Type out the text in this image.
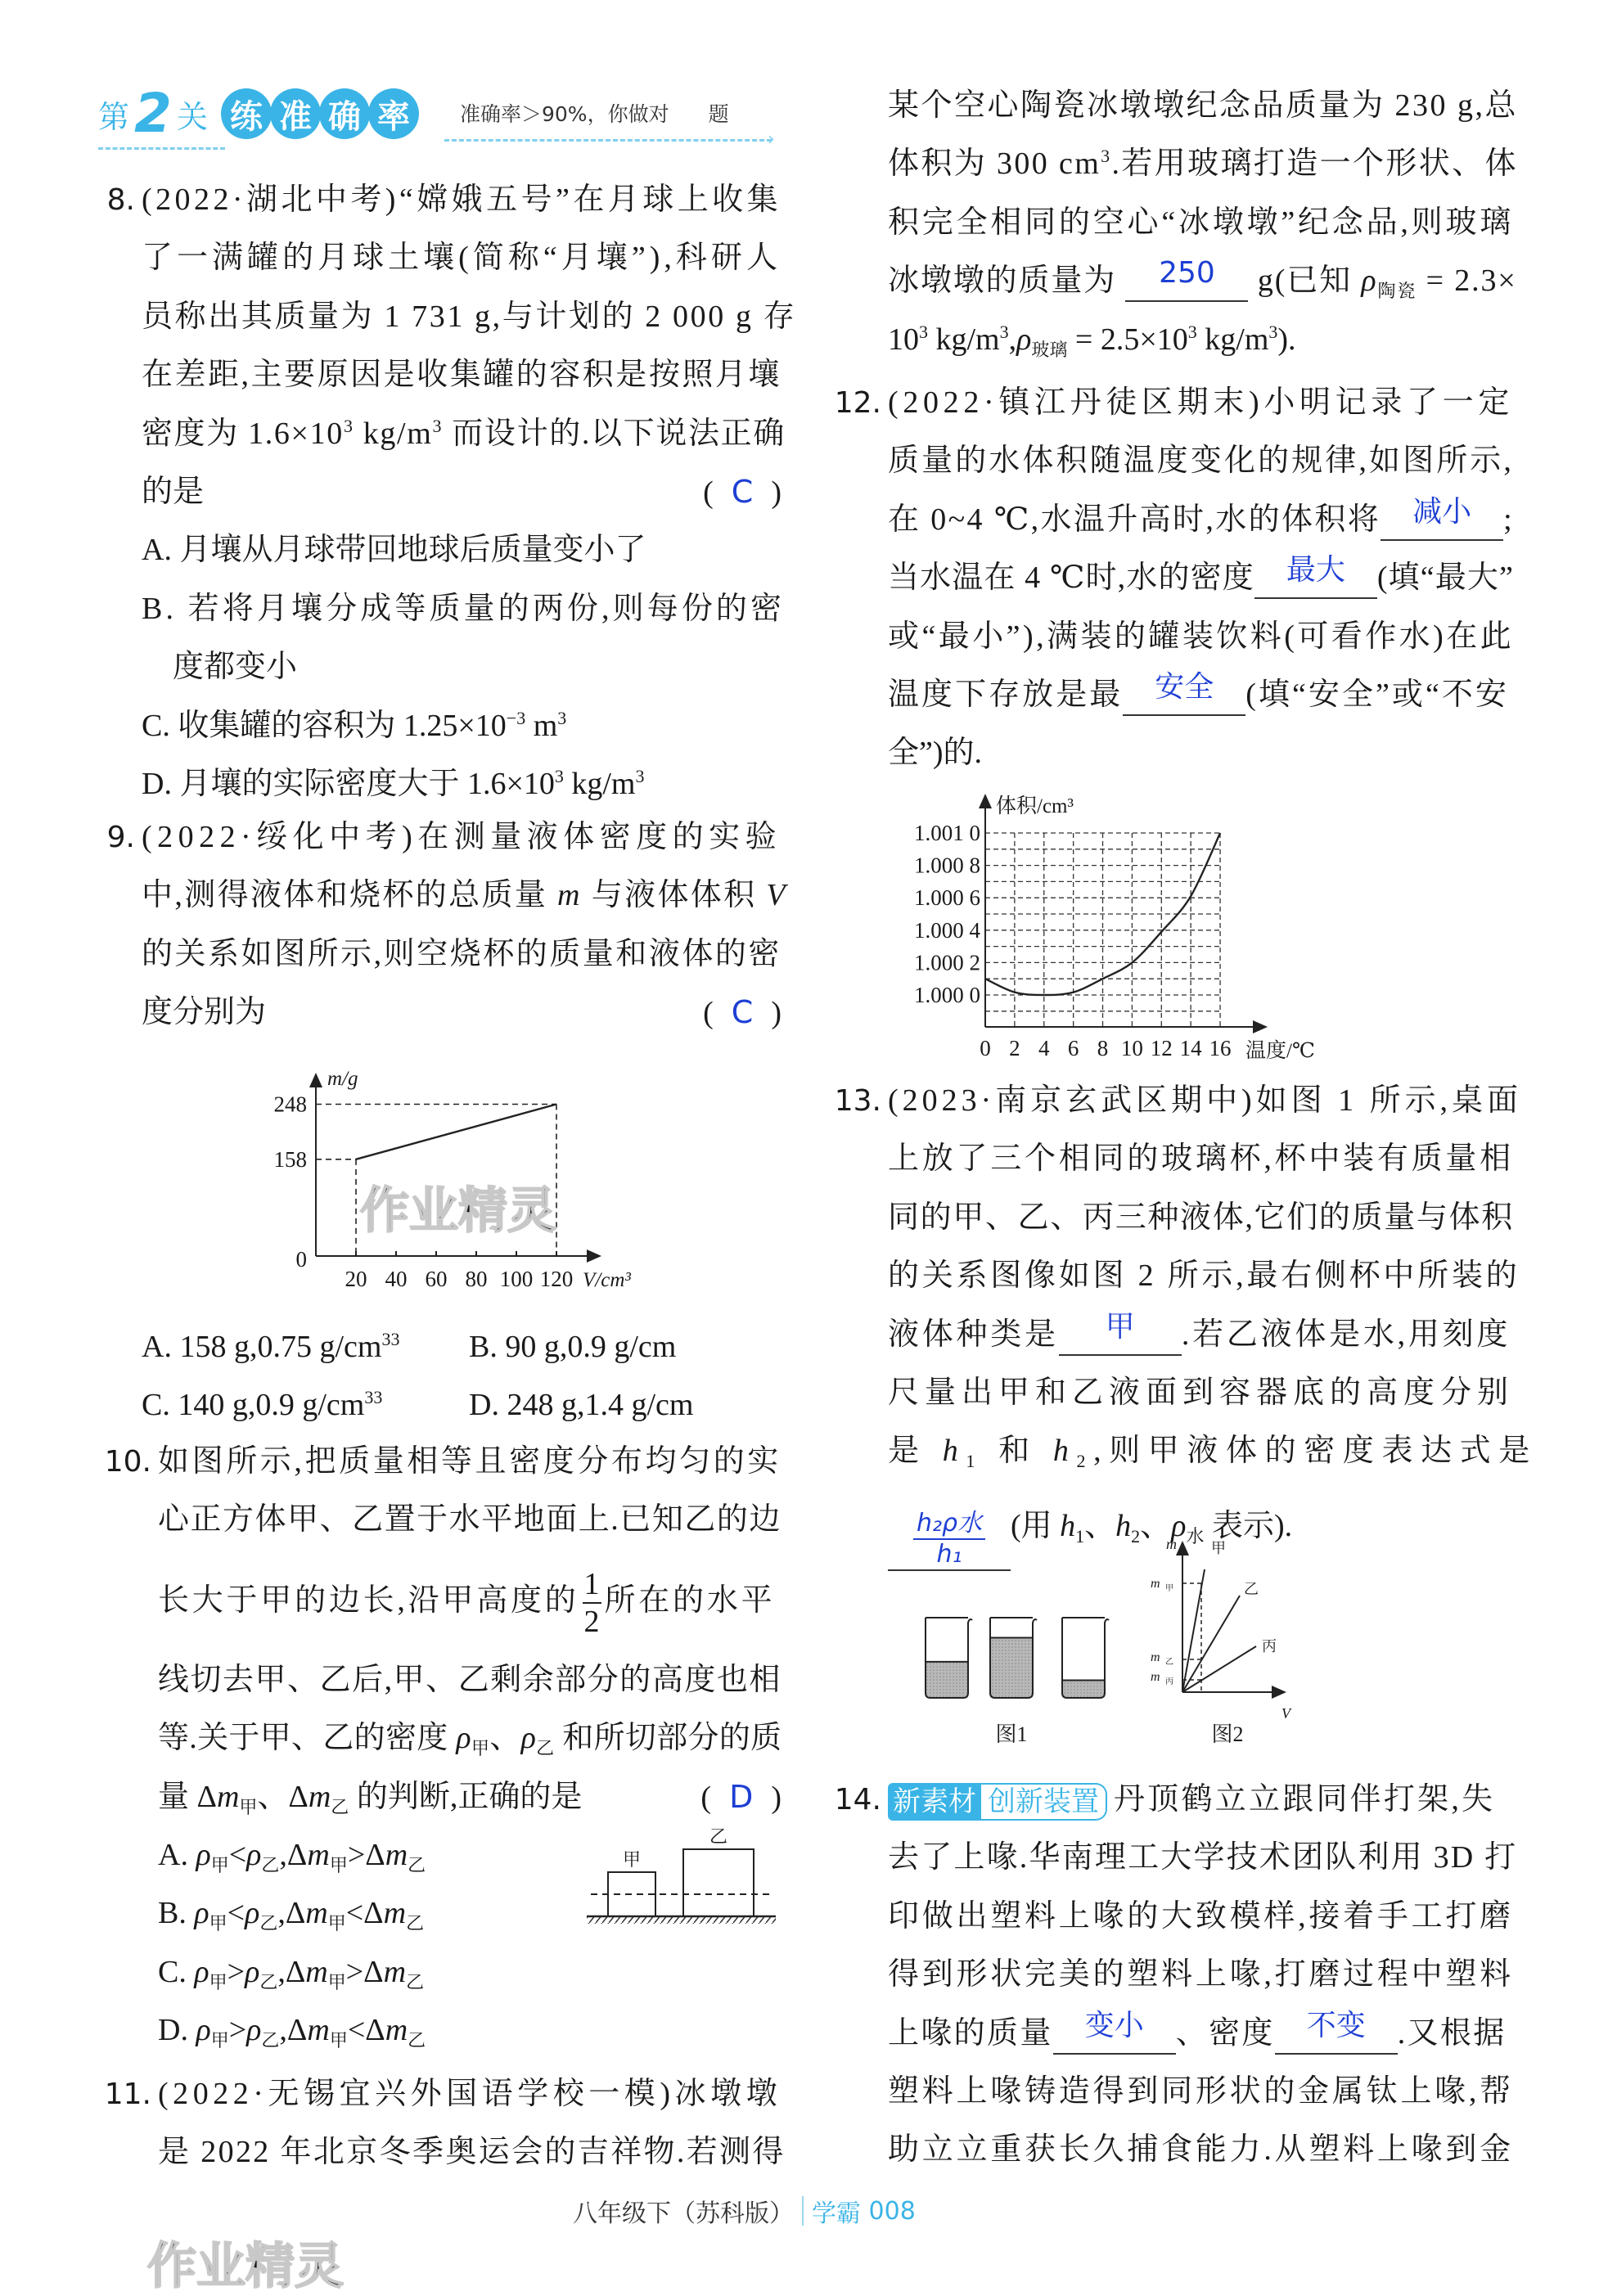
第 2 关 练 准 确 率	准确率＞90%，你做对 题
›
(2022·湖北中考)“嫦娥五号”在月球上收集
8.
了一满罐的月球土壤(简称“月壤”),科研人
员称出其质量为 1 731 g,与计划的 2 000 g 存
在差距,主要原因是收集罐的容积是按照月壤
密度为 $1.6\times 10^3$ $kg/m^3$ 而设计的.以下说法正确
的是	( C )
A. 月壤从月球带回地球后质量变小了
B. 若将月壤分成等质量的两份,则每份的密
　度都变小
C. 收集罐的容积为 $1.25\times 10^{-3}$ $m^3$
D. 月壤的实际密度大于 $1.6\times 10^3$ $kg/m^3$
(2022·绥化中考)在测量液体密度的实验
9.
中,测得液体和烧杯的总质量 m 与液体体积 V
的关系如图所示,则空烧杯的质量和液体的密
度分别为	( C )
A. 158 g,0.75 $g/cm^3$	B. 90 g,0.9 g/cm
$^3$
C. 140 g,0.9 $g/cm^3$	D. 248 g,1.4 g/cm
$^3$
如图所示,把质量相等且密度分布均匀的实
10.
心正方体甲、乙置于水平地面上.已知乙的边
长大于甲的边长,沿甲高度的 $\frac{1}{2}$ 所在的水平
线切去甲、乙后,甲、乙剩余部分的高度也相
等.关于甲、乙的密度 $\rho_甲$、$\rho_乙$ 和所切部分的质
量 $\Delta m_甲$、$\Delta m_乙$ 的判断,正确的是	( D )
A. $\rho_甲<\rho_乙,\Delta m_甲>\Delta m_乙$
B. $\rho_甲<\rho_乙,\Delta m_甲<\Delta m_乙$
C. $\rho_甲>\rho_乙,\Delta m_甲>\Delta m_乙$
D. $\rho_甲>\rho_乙,\Delta m_甲<\Delta m_乙$
(2022·无锡宜兴外国语学校一模)冰墩墩
11.
是 2022 年北京冬季奥运会的吉祥物.若测得
某个空心陶瓷冰墩墩纪念品质量为 230 g,总
体积为 300 $cm^3$.若用玻璃打造一个形状、体
积完全相同的空心“冰墩墩”纪念品,则玻璃
冰墩墩的质量为 250 g(已知 $\rho_{陶瓷} = 2.3\times$
$10^3$ $kg/m^3,\rho_{玻璃} = 2.5\times 10^3$ $kg/m^3$).
(2022·镇江丹徒区期末)小明记录了一定
12.
质量的水体积随温度变化的规律,如图所示,
在 0~4 ℃,水温升高时,水的体积将 减小 ;
当水温在 4 ℃时,水的密度 最大 (填“最大”
或“最小”),满装的罐装饮料(可看作水)在此
温度下存放是最 安全 (填“安全”或“不安
全”)的.
(2023·南京玄武区期中)如图 1 所示,桌面
13.
上放了三个相同的玻璃杯,杯中装有质量相
同的甲、乙、丙三种液体,它们的质量与体积
的关系图像如图 2 所示,最右侧杯中所装的
液体种类是 甲 .若乙液体是水,用刻度
尺量出甲和乙液面到容器底的高度分别
是 $h_1$ 和 $h_2$,则甲液体的密度表达式是
h₂ρ水
h₁
(用 $h_1$、$h_2$、$\rho_水$ 表示).
新素材 创新装置 丹顶鹤立立跟同伴打架,失
14.
去了上喙.华南理工大学技术团队利用 3D 打
印做出塑料上喙的大致模样,接着手工打磨
得到形状完美的塑料上喙,打磨过程中塑料
上喙的质量 变小 、密度 不变 .又根据
塑料上喙铸造得到同形状的金属钛上喙,帮
助立立重获长久捕食能力.从塑料上喙到金
作业精灵
20 40 60 80 100 120
0
158
248
m/g
V/cm³
作业精灵
0 2 4 6 8 10 12 14 16
1.000 0
1.000 2
1.000 4
1.000 6
1.000 8
1.001 0
体积/cm³
温度/℃
甲
乙
图1
m
V
甲
乙
丙
m 甲
m 乙
m 丙
图2
八年级下（苏科版） 学霸
008
